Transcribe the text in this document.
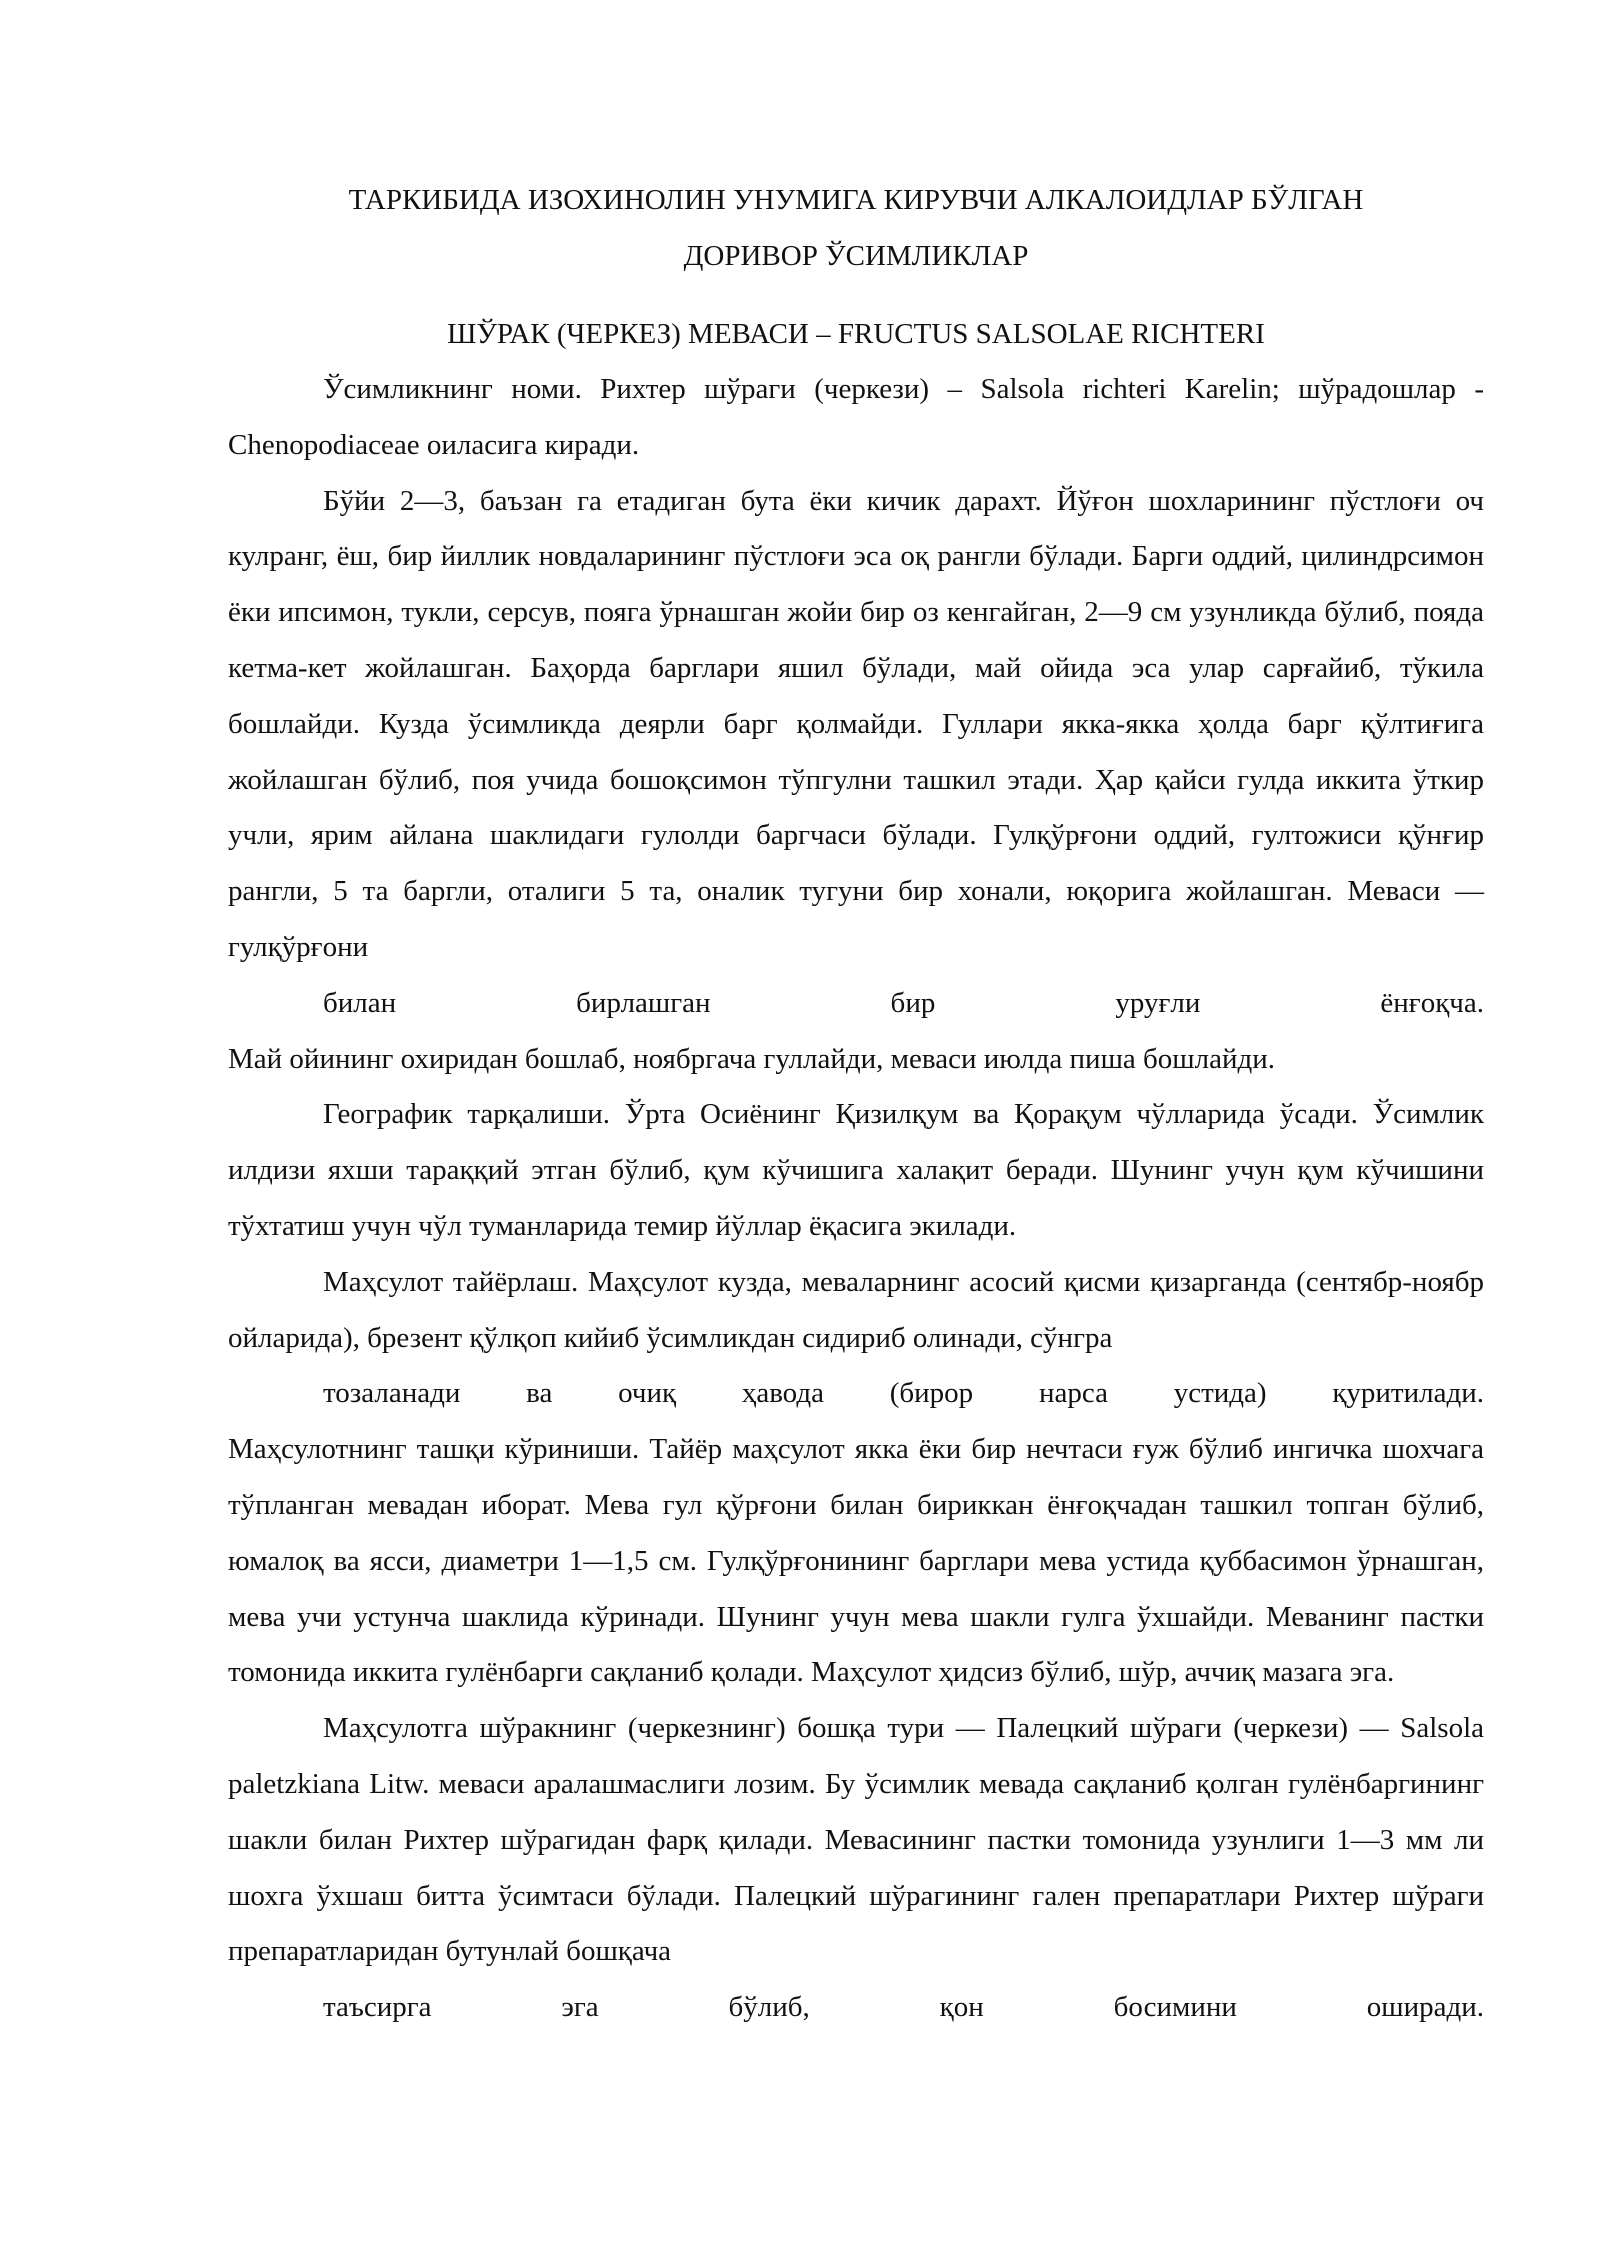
ТАРКИБИДА ИЗОХИНОЛИН УНУМИГА КИРУВЧИ АЛКАЛОИДЛАР БЎЛГАН
ДОРИВОР ЎСИМЛИКЛАР
ШЎРАК (ЧЕРКЕЗ) МЕВАСИ – FRUCTUS SALSOLAE RICHTERI

Ўсимликнинг номи. Рихтер шўраги (черкези) – Salsola richteri Karelin; шўрадошлар - Chenopodiaceae оиласига киради.

Бўйи 2—3, баъзан га етадиган бута ёки кичик дарахт. Йўғон шохларининг пўстлоғи оч кулранг, ёш, бир йиллик новдаларининг пўстлоғи эса оқ рангли бўлади. Барги оддий, цилиндрсимон ёки ипсимон, тукли, серсув, пояга ўрнашган жойи бир оз кенгайган, 2—9 см узунликда бўлиб, пояда кетма-кет жойлашган. Баҳорда барглари яшил бўлади, май ойида эса улар сарғайиб, тўкила бошлайди. Кузда ўсимликда деярли барг қолмайди. Гуллари якка-якка ҳолда барг қўлтиғига жойлашган бўлиб, поя учида бошоқсимон тўпгулни ташкил этади. Ҳар қайси гулда иккита ўткир учли, ярим айлана шаклидаги гулолди баргчаси бўлади. Гулқўрғони оддий, гултожиси қўнғир рангли, 5 та баргли, оталиги 5 та, оналик тугуни бир хонали, юқорига жойлашган. Меваси — гулқўрғони
билан бирлашган бир уруғли ёнғоқча.
Май ойининг охиридан бошлаб, ноябргача гуллайди, меваси июлда пиша бошлайди.

Географик тарқалиши. Ўрта Осиёнинг Қизилқум ва Қорақум чўлларида ўсади. Ўсимлик илдизи яхши тараққий этган бўлиб, қум кўчишига халақит беради. Шунинг учун қум кўчишини тўхтатиш учун чўл туманларида темир йўллар ёқасига экилади.

Маҳсулот тайёрлаш. Маҳсулот кузда, меваларнинг асосий қисми қизарганда (сентябр-ноябр ойларида), брезент қўлқоп кийиб ўсимликдан сидириб олинади, сўнгра
тозаланади ва очиқ ҳавода (бирор нарса устида) қуритилади.
Маҳсулотнинг ташқи кўриниши. Тайёр маҳсулот якка ёки бир нечтаси ғуж бўлиб ингичка шохчага тўпланган мевадан иборат. Мева гул қўрғони билан бириккан ёнғоқчадан ташкил топган бўлиб, юмалоқ ва ясси, диаметри 1—1,5 см. Гулқўрғонининг барглари мева устида қуббасимон ўрнашган, мева учи устунча шаклида кўринади. Шунинг учун мева шакли гулга ўхшайди. Меванинг пастки томонида иккита гулёнбарги сақланиб қолади. Маҳсулот ҳидсиз бўлиб, шўр, аччиқ мазага эга.

Маҳсулотга шўракнинг (черкезнинг) бошқа тури — Палецкий шўраги (черкези) — Salsola paletzkiana Litw. меваси аралашмаслиги лозим. Бу ўсимлик мевада сақланиб қолган гулёнбаргининг шакли билан Рихтер шўрагидан фарқ қилади. Мевасининг пастки томонида узунлиги 1—3 мм ли шохга ўхшаш битта ўсимтаси бўлади. Палецкий шўрагининг гален препаратлари Рихтер шўраги препаратларидан бутунлай бошқача
таъсирга эга бўлиб, қон босимини оширади.
